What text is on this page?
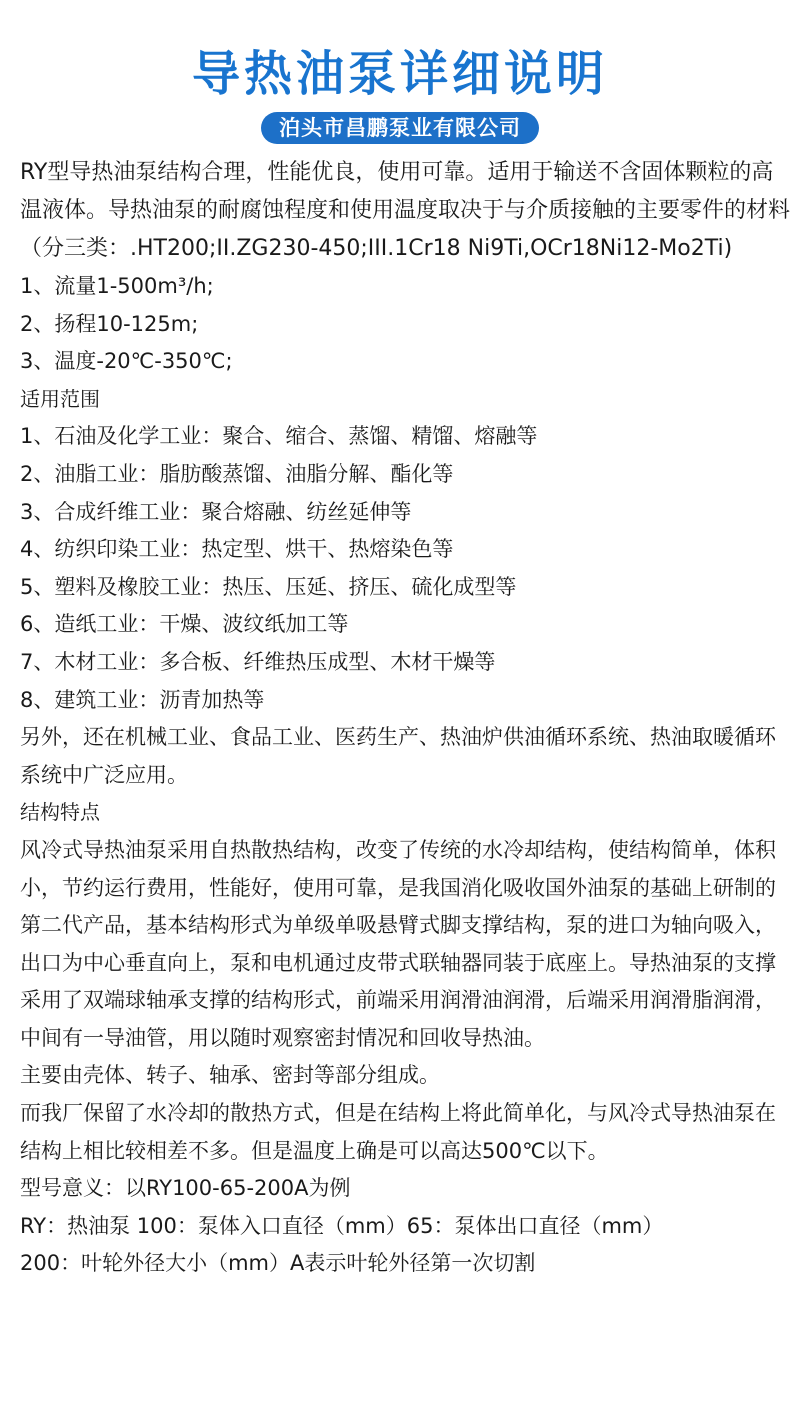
导热油泵详细说明
泊头市昌鹏泵业有限公司

RY型导热油泵结构合理，性能优良，使用可靠。适用于输送不含固体颗粒的高温液体。导热油泵的耐腐蚀程度和使用温度取决于与介质接触的主要零件的材料（分三类：.HT200;II.ZG230-450;III.1Cr18 Ni9Ti,OCr18Ni12-Mo2Ti)

1、流量1-500m³/h;

2、扬程10-125m;

3、温度-20℃-350℃;

适用范围

1、石油及化学工业：聚合、缩合、蒸馏、精馏、熔融等

2、油脂工业：脂肪酸蒸馏、油脂分解、酯化等

3、合成纤维工业：聚合熔融、纺丝延伸等

4、纺织印染工业：热定型、烘干、热熔染色等

5、塑料及橡胶工业：热压、压延、挤压、硫化成型等

6、造纸工业：干燥、波纹纸加工等

7、木材工业：多合板、纤维热压成型、木材干燥等

8、建筑工业：沥青加热等

另外，还在机械工业、食品工业、医药生产、热油炉供油循环系统、热油取暖循环系统中广泛应用。

结构特点

风冷式导热油泵采用自热散热结构，改变了传统的水冷却结构，使结构简单，体积小，节约运行费用，性能好，使用可靠，是我国消化吸收国外油泵的基础上研制的第二代产品，基本结构形式为单级单吸悬臂式脚支撑结构，泵的进口为轴向吸入，出口为中心垂直向上，泵和电机通过皮带式联轴器同装于底座上。导热油泵的支撑采用了双端球轴承支撑的结构形式，前端采用润滑油润滑，后端采用润滑脂润滑，中间有一导油管，用以随时观察密封情况和回收导热油。

主要由壳体、转子、轴承、密封等部分组成。

而我厂保留了水冷却的散热方式，但是在结构上将此简单化，与风冷式导热油泵在结构上相比较相差不多。但是温度上确是可以高达500℃以下。

型号意义：以RY100-65-200A为例

RY：热油泵 100：泵体入口直径（mm）65：泵体出口直径（mm）

200：叶轮外径大小（mm）A表示叶轮外径第一次切割
